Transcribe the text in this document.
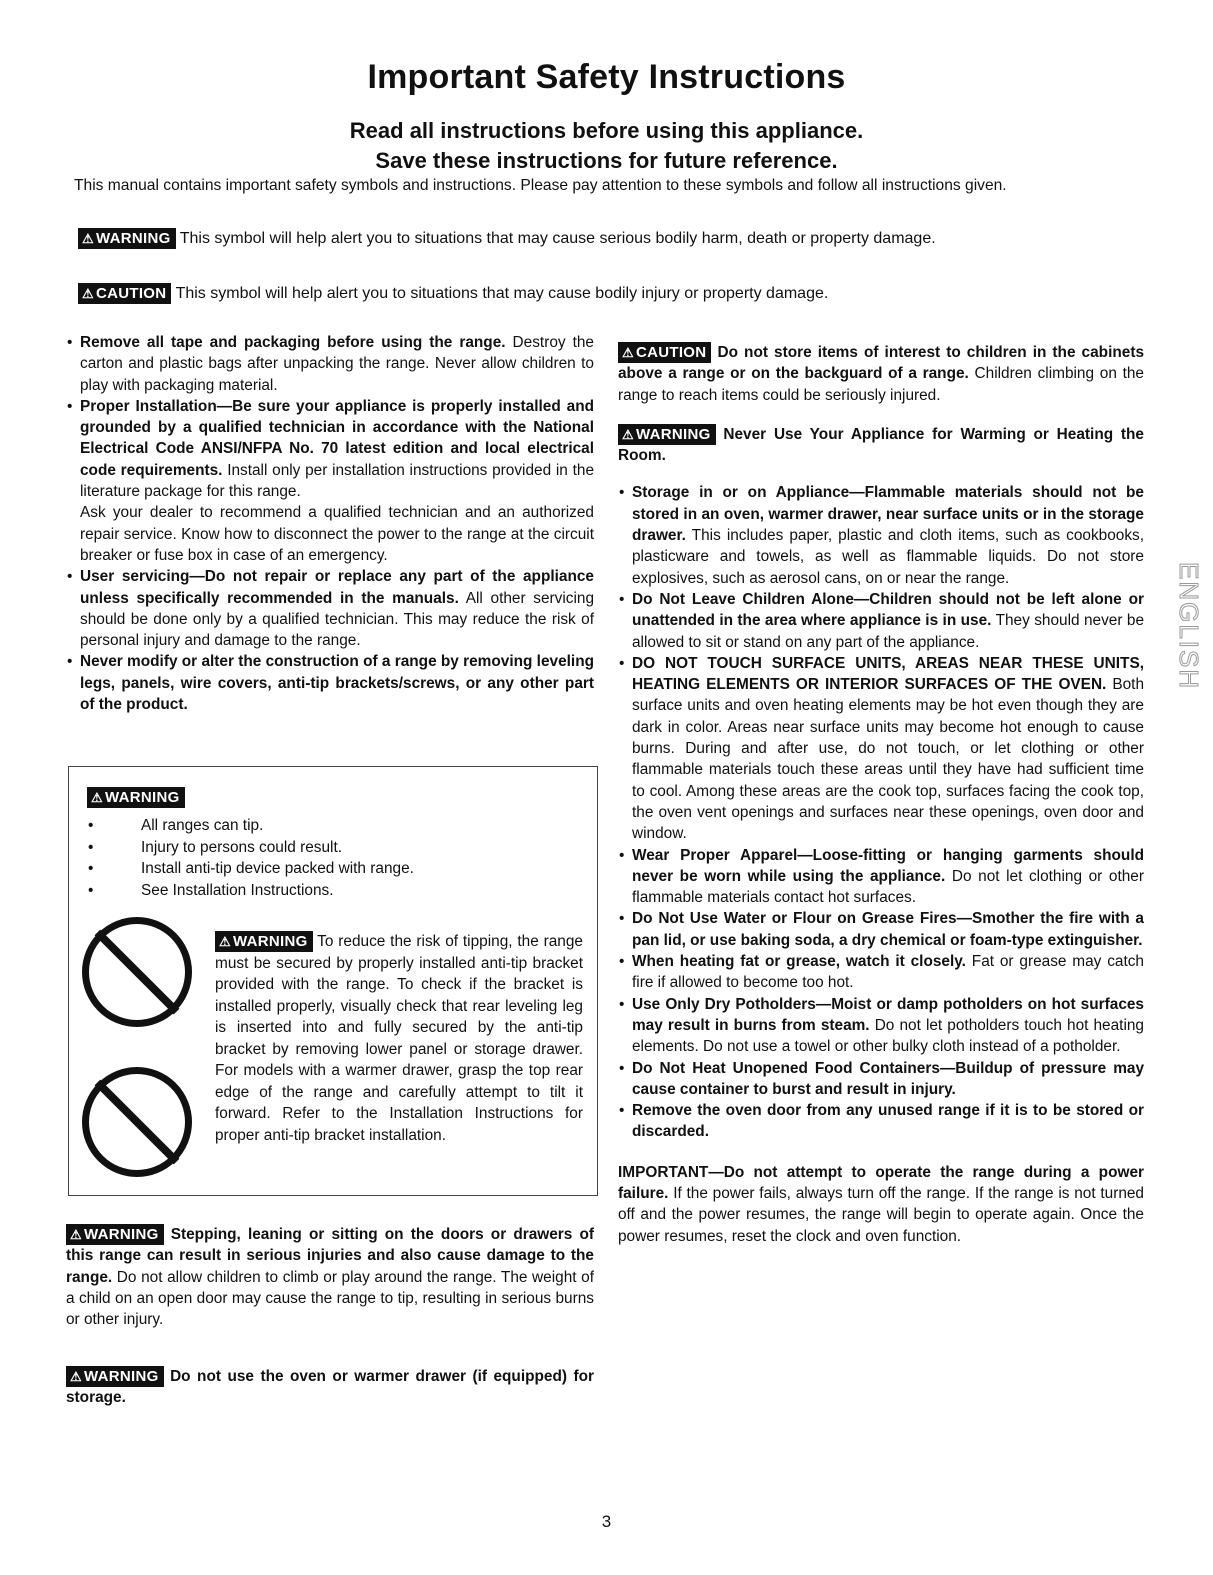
Important Safety Instructions
Read all instructions before using this appliance.
Save these instructions for future reference.

This manual contains important safety symbols and instructions. Please pay attention to these symbols and follow all instructions given.

⚠ WARNING This symbol will help alert you to situations that may cause serious bodily harm, death or property damage.
⚠ CAUTION This symbol will help alert you to situations that may cause bodily injury or property damage.
• Remove all tape and packaging before using the range. Destroy the carton and plastic bags after unpacking the range. Never allow children to play with packaging material.
• Proper Installation—Be sure your appliance is properly installed and grounded by a qualified technician in accordance with the National Electrical Code ANSI/NFPA No. 70 latest edition and local electrical code requirements. Install only per installation instructions provided in the literature package for this range.

Ask your dealer to recommend a qualified technician and an authorized repair service. Know how to disconnect the power to the range at the circuit breaker or fuse box in case of an emergency.

• User servicing—Do not repair or replace any part of the appliance unless specifically recommended in the manuals. All other servicing should be done only by a qualified technician. This may reduce the risk of personal injury and damage to the range.
• Never modify or alter the construction of a range by removing leveling legs, panels, wire covers, anti-tip brackets/screws, or any other part of the product.
⚠ WARNING
• All ranges can tip.
• Injury to persons could result.
• Install anti-tip device packed with range.
• See Installation Instructions.
⚠ WARNING To reduce the risk of tipping, the range must be secured by properly installed anti-tip bracket provided with the range. To check if the bracket is installed properly, visually check that rear leveling leg is inserted into and fully secured by the anti-tip bracket by removing lower panel or storage drawer. For models with a warmer drawer, grasp the top rear edge of the range and carefully attempt to tilt it forward. Refer to the Installation Instructions for proper anti-tip bracket installation.

⚠ WARNING Stepping, leaning or sitting on the doors or drawers of this range can result in serious injuries and also cause damage to the range. Do not allow children to climb or play around the range. The weight of a child on an open door may cause the range to tip, resulting in serious burns or other injury.

⚠ WARNING Do not use the oven or warmer drawer (if equipped) for storage.

⚠ CAUTION Do not store items of interest to children in the cabinets above a range or on the backguard of a range. Children climbing on the range to reach items could be seriously injured.

⚠ WARNING Never Use Your Appliance for Warming or Heating the Room.

• Storage in or on Appliance—Flammable materials should not be stored in an oven, warmer drawer, near surface units or in the storage drawer. This includes paper, plastic and cloth items, such as cookbooks, plasticware and towels, as well as flammable liquids. Do not store explosives, such as aerosol cans, on or near the range.
• Do Not Leave Children Alone—Children should not be left alone or unattended in the area where appliance is in use. They should never be allowed to sit or stand on any part of the appliance.
• DO NOT TOUCH SURFACE UNITS, AREAS NEAR THESE UNITS, HEATING ELEMENTS OR INTERIOR SURFACES OF THE OVEN. Both surface units and oven heating elements may be hot even though they are dark in color. Areas near surface units may become hot enough to cause burns. During and after use, do not touch, or let clothing or other flammable materials touch these areas until they have had sufficient time to cool. Among these areas are the cook top, surfaces facing the cook top, the oven vent openings and surfaces near these openings, oven door and window.
• Wear Proper Apparel—Loose-fitting or hanging garments should never be worn while using the appliance. Do not let clothing or other flammable materials contact hot surfaces.
• Do Not Use Water or Flour on Grease Fires—Smother the fire with a pan lid, or use baking soda, a dry chemical or foam-type extinguisher.
• When heating fat or grease, watch it closely. Fat or grease may catch fire if allowed to become too hot.
• Use Only Dry Potholders—Moist or damp potholders on hot surfaces may result in burns from steam. Do not let potholders touch hot heating elements. Do not use a towel or other bulky cloth instead of a potholder.
• Do Not Heat Unopened Food Containers—Buildup of pressure may cause container to burst and result in injury.
• Remove the oven door from any unused range if it is to be stored or discarded.

IMPORTANT—Do not attempt to operate the range during a power failure. If the power fails, always turn off the range. If the range is not turned off and the power resumes, the range will begin to operate again. Once the power resumes, reset the clock and oven function.

ENGLISH
3
